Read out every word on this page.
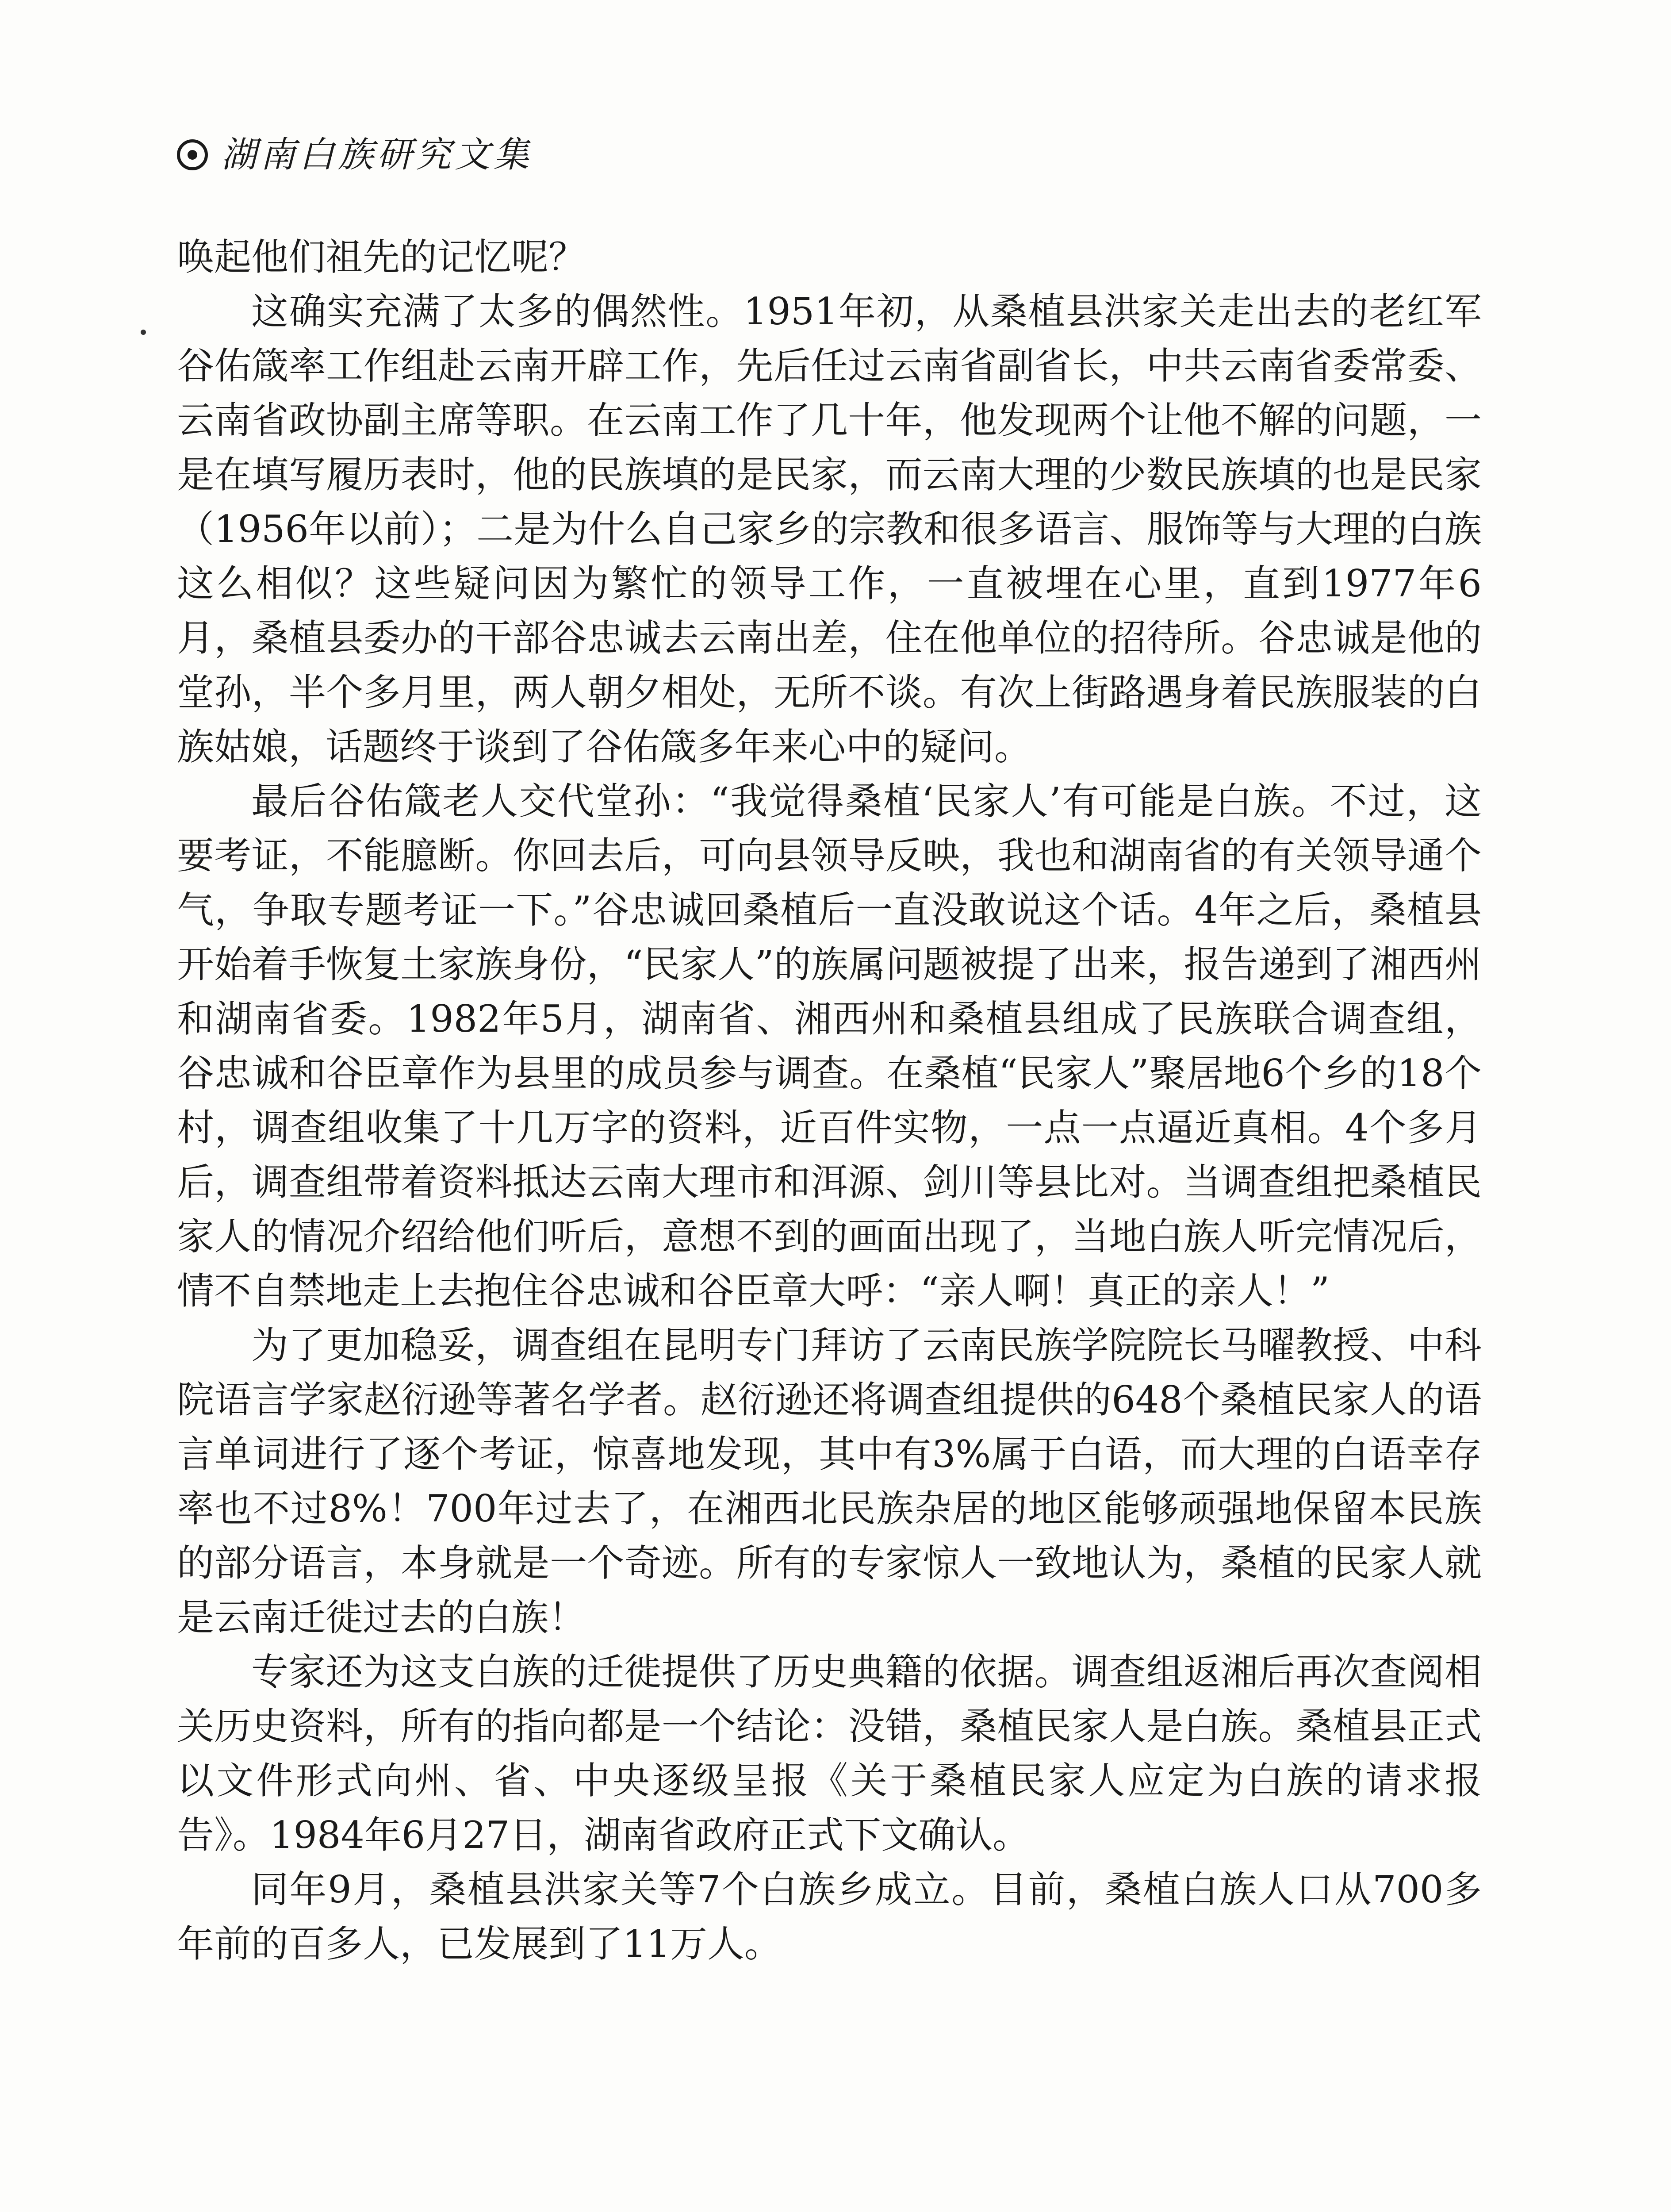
湖南白族研究文集

唤起他们祖先的记忆呢？

这确实充满了太多的偶然性。1951年初，从桑植县洪家关走出去的老红军谷佑箴率工作组赴云南开辟工作，先后任过云南省副省长，中共云南省委常委、云南省政协副主席等职。在云南工作了几十年，他发现两个让他不解的问题，一是在填写履历表时，他的民族填的是民家，而云南大理的少数民族填的也是民家（1956年以前）；二是为什么自己家乡的宗教和很多语言、服饰等与大理的白族这么相似？这些疑问因为繁忙的领导工作，一直被埋在心里，直到1977年6月，桑植县委办的干部谷忠诚去云南出差，住在他单位的招待所。谷忠诚是他的堂孙，半个多月里，两人朝夕相处，无所不谈。有次上街路遇身着民族服装的白族姑娘，话题终于谈到了谷佑箴多年来心中的疑问。

最后谷佑箴老人交代堂孙：“我觉得桑植‘民家人’有可能是白族。不过，这要考证，不能臆断。你回去后，可向县领导反映，我也和湖南省的有关领导通个气，争取专题考证一下。”谷忠诚回桑植后一直没敢说这个话。4年之后，桑植县开始着手恢复土家族身份，“民家人”的族属问题被提了出来，报告递到了湘西州和湖南省委。1982年5月，湖南省、湘西州和桑植县组成了民族联合调查组，谷忠诚和谷臣章作为县里的成员参与调查。在桑植“民家人”聚居地6个乡的18个村，调查组收集了十几万字的资料，近百件实物，一点一点逼近真相。4个多月后，调查组带着资料抵达云南大理市和洱源、剑川等县比对。当调查组把桑植民家人的情况介绍给他们听后，意想不到的画面出现了，当地白族人听完情况后，情不自禁地走上去抱住谷忠诚和谷臣章大呼：“亲人啊！真正的亲人！”

为了更加稳妥，调查组在昆明专门拜访了云南民族学院院长马曜教授、中科院语言学家赵衍逊等著名学者。赵衍逊还将调查组提供的648个桑植民家人的语言单词进行了逐个考证，惊喜地发现，其中有3%属于白语，而大理的白语幸存率也不过8%！700年过去了，在湘西北民族杂居的地区能够顽强地保留本民族的部分语言，本身就是一个奇迹。所有的专家惊人一致地认为，桑植的民家人就是云南迁徙过去的白族！

专家还为这支白族的迁徙提供了历史典籍的依据。调查组返湘后再次查阅相关历史资料，所有的指向都是一个结论：没错，桑植民家人是白族。桑植县正式以文件形式向州、省、中央逐级呈报《关于桑植民家人应定为白族的请求报告》。1984年6月27日，湖南省政府正式下文确认。

同年9月，桑植县洪家关等7个白族乡成立。目前，桑植白族人口从700多年前的百多人，已发展到了11万人。
